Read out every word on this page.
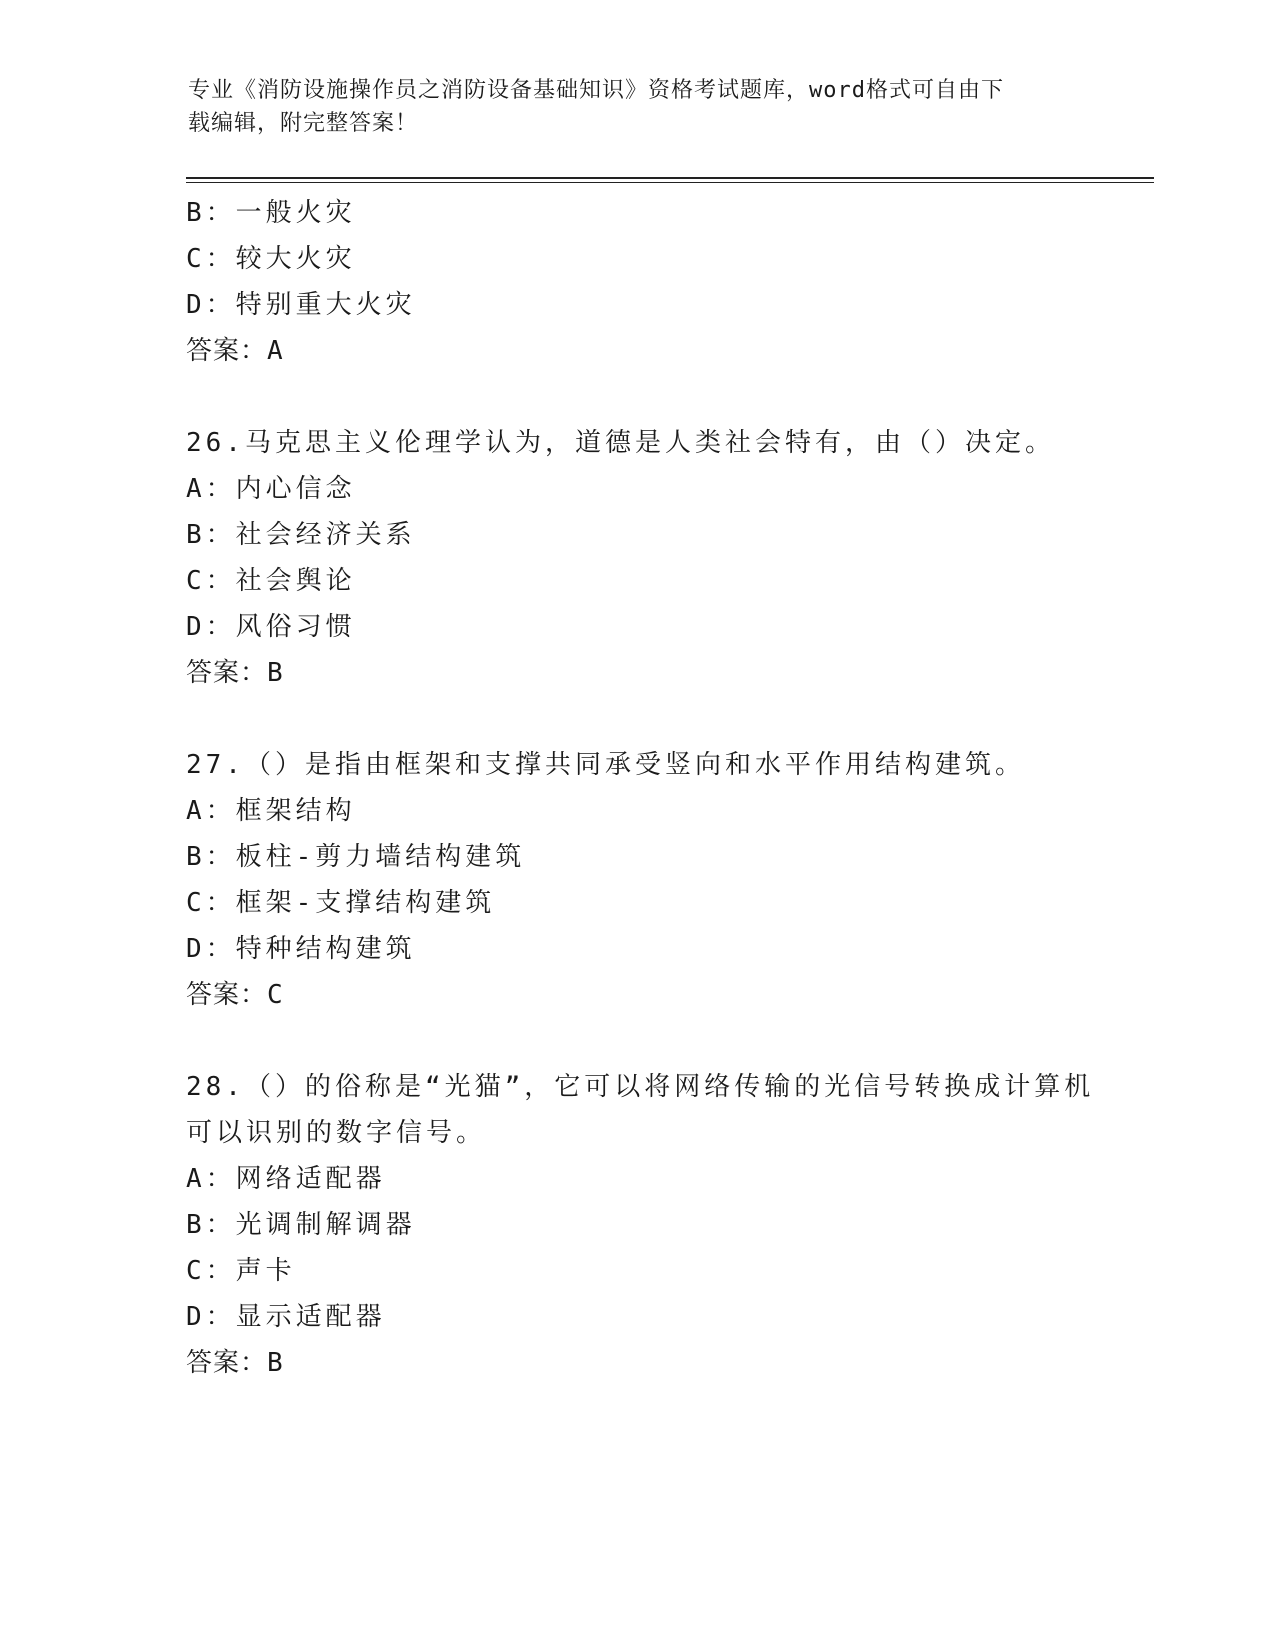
专业《消防设施操作员之消防设备基础知识》资格考试题库，word格式可自由下
载编辑，附完整答案！
B：一般火灾
C：较大火灾
D：特别重大火灾
答案：A
26.马克思主义伦理学认为，道德是人类社会特有，由（）决定。
A：内心信念
B：社会经济关系
C：社会舆论
D：风俗习惯
答案：B
27.（）是指由框架和支撑共同承受竖向和水平作用结构建筑。
A：框架结构
B：板柱-剪力墙结构建筑
C：框架-支撑结构建筑
D：特种结构建筑
答案：C
28.（）的俗称是“光猫”，它可以将网络传输的光信号转换成计算机
可以识别的数字信号。
A：网络适配器
B：光调制解调器
C：声卡
D：显示适配器
答案：B
